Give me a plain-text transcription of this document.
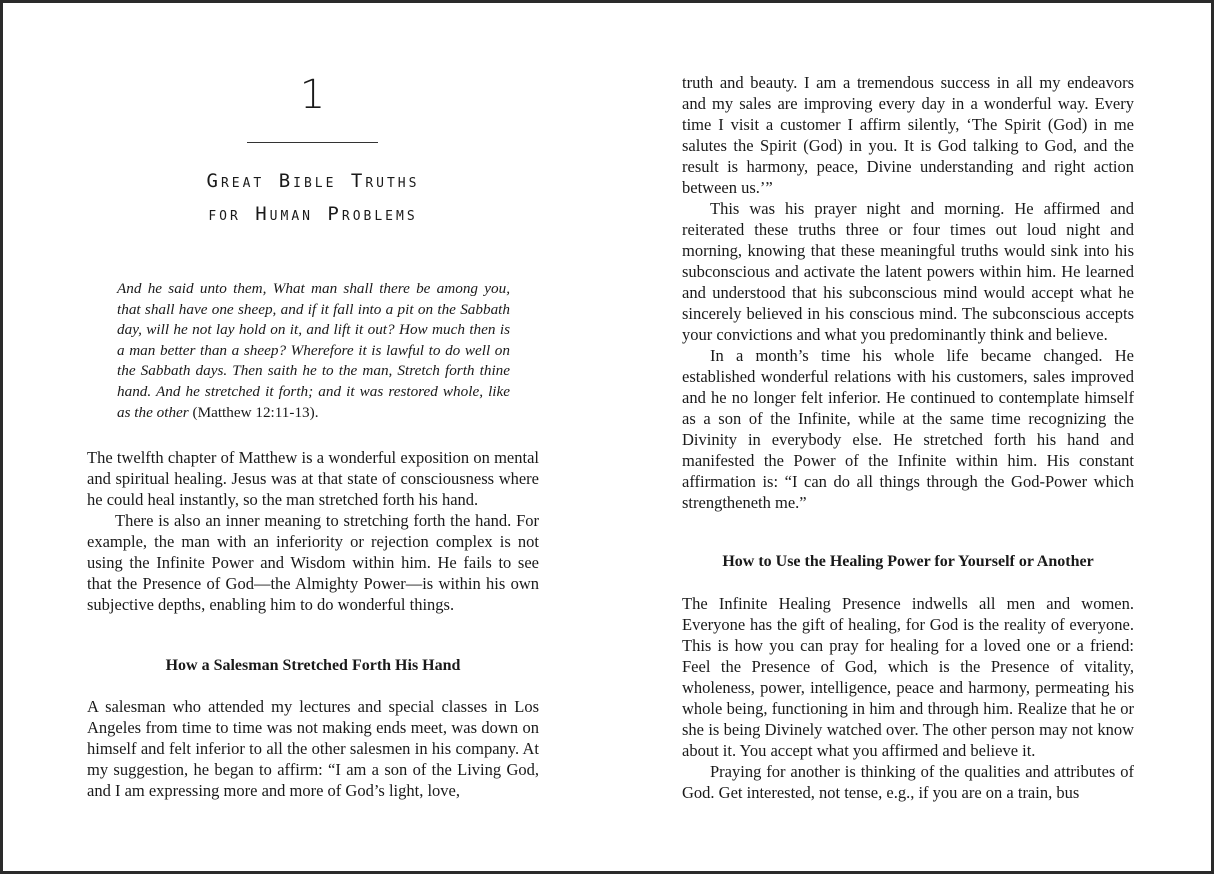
1
Great Bible Truths
for Human Problems
And he said unto them, What man shall there be among you, that shall have one sheep, and if it fall into a pit on the Sabbath day, will he not lay hold on it, and lift it out? How much then is a man better than a sheep? Wherefore it is lawful to do well on the Sabbath days. Then saith he to the man, Stretch forth thine hand. And he stretched it forth; and it was restored whole, like as the other (Matthew 12:11-13).

The twelfth chapter of Matthew is a wonderful exposition on mental and spiritual healing. Jesus was at that state of consciousness where he could heal instantly, so the man stretched forth his hand.

There is also an inner meaning to stretching forth the hand. For example, the man with an inferiority or rejection complex is not using the Infinite Power and Wisdom within him. He fails to see that the Presence of God—the Almighty Power—is within his own subjective depths, enabling him to do wonderful things.

How a Salesman Stretched Forth His Hand

A salesman who attended my lectures and special classes in Los Angeles from time to time was not making ends meet, was down on himself and felt inferior to all the other salesmen in his company. At my suggestion, he began to affirm: “I am a son of the Living God, and I am expressing more and more of God’s light, love,

truth and beauty. I am a tremendous success in all my endeavors and my sales are improving every day in a wonderful way. Every time I visit a customer I affirm silently, ‘The Spirit (God) in me salutes the Spirit (God) in you. It is God talking to God, and the result is harmony, peace, Divine understanding and right action between us.’”

This was his prayer night and morning. He affirmed and reiterated these truths three or four times out loud night and morning, knowing that these meaningful truths would sink into his subconscious and activate the latent powers within him. He learned and understood that his subconscious mind would accept what he sincerely believed in his conscious mind. The subconscious accepts your convictions and what you predominantly think and believe.

In a month’s time his whole life became changed. He established wonderful relations with his customers, sales improved and he no longer felt inferior. He continued to contemplate himself as a son of the Infinite, while at the same time recognizing the Divinity in everybody else. He stretched forth his hand and manifested the Power of the Infinite within him. His constant affirmation is: “I can do all things through the God-Power which strengtheneth me.”

How to Use the Healing Power for Yourself or Another

The Infinite Healing Presence indwells all men and women. Everyone has the gift of healing, for God is the reality of everyone. This is how you can pray for healing for a loved one or a friend: Feel the Presence of God, which is the Presence of vitality, wholeness, power, intelligence, peace and harmony, permeating his whole being, functioning in him and through him. Realize that he or she is being Divinely watched over. The other person may not know about it. You accept what you affirmed and believe it.

Praying for another is thinking of the qualities and attributes of God. Get interested, not tense, e.g., if you are on a train, bus
